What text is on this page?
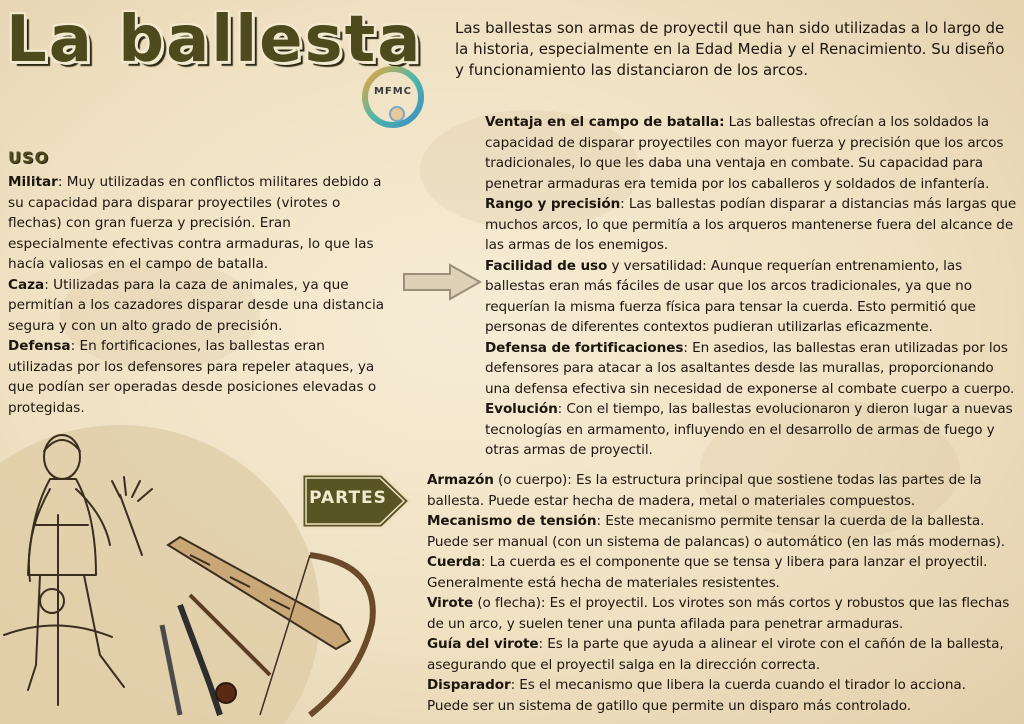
La ballesta
MFMC

Las ballestas son armas de proyectil que han sido utilizadas a lo largo de la historia, especialmente en la Edad Media y el Renacimiento. Su diseño y funcionamiento las distanciaron de los arcos.

USO

Militar: Muy utilizadas en conflictos militares debido a su capacidad para disparar proyectiles (virotes o flechas) con gran fuerza y precisión. Eran especialmente efectivas contra armaduras, lo que las hacía valiosas en el campo de batalla.

Caza: Utilizadas para la caza de animales, ya que permitían a los cazadores disparar desde una distancia segura y con un alto grado de precisión.

Defensa: En fortificaciones, las ballestas eran utilizadas por los defensores para repeler ataques, ya que podían ser operadas desde posiciones elevadas o protegidas.

Ventaja en el campo de batalla: Las ballestas ofrecían a los soldados la capacidad de disparar proyectiles con mayor fuerza y precisión que los arcos tradicionales, lo que les daba una ventaja en combate. Su capacidad para penetrar armaduras era temida por los caballeros y soldados de infantería.

Rango y precisión: Las ballestas podían disparar a distancias más largas que muchos arcos, lo que permitía a los arqueros mantenerse fuera del alcance de las armas de los enemigos.

Facilidad de uso y versatilidad: Aunque requerían entrenamiento, las ballestas eran más fáciles de usar que los arcos tradicionales, ya que no requerían la misma fuerza física para tensar la cuerda. Esto permitió que personas de diferentes contextos pudieran utilizarlas eficazmente.

Defensa de fortificaciones: En asedios, las ballestas eran utilizadas por los defensores para atacar a los asaltantes desde las murallas, proporcionando una defensa efectiva sin necesidad de exponerse al combate cuerpo a cuerpo.

Evolución: Con el tiempo, las ballestas evolucionaron y dieron lugar a nuevas tecnologías en armamento, influyendo en el desarrollo de armas de fuego y otras armas de proyectil.

PARTES

Armazón (o cuerpo): Es la estructura principal que sostiene todas las partes de la ballesta. Puede estar hecha de madera, metal o materiales compuestos.

Mecanismo de tensión: Este mecanismo permite tensar la cuerda de la ballesta. Puede ser manual (con un sistema de palancas) o automático (en las más modernas).

Cuerda: La cuerda es el componente que se tensa y libera para lanzar el proyectil. Generalmente está hecha de materiales resistentes.

Virote (o flecha): Es el proyectil. Los virotes son más cortos y robustos que las flechas de un arco, y suelen tener una punta afilada para penetrar armaduras.

Guía del virote: Es la parte que ayuda a alinear el virote con el cañón de la ballesta, asegurando que el proyectil salga en la dirección correcta.

Disparador: Es el mecanismo que libera la cuerda cuando el tirador lo acciona. Puede ser un sistema de gatillo que permite un disparo más controlado.
